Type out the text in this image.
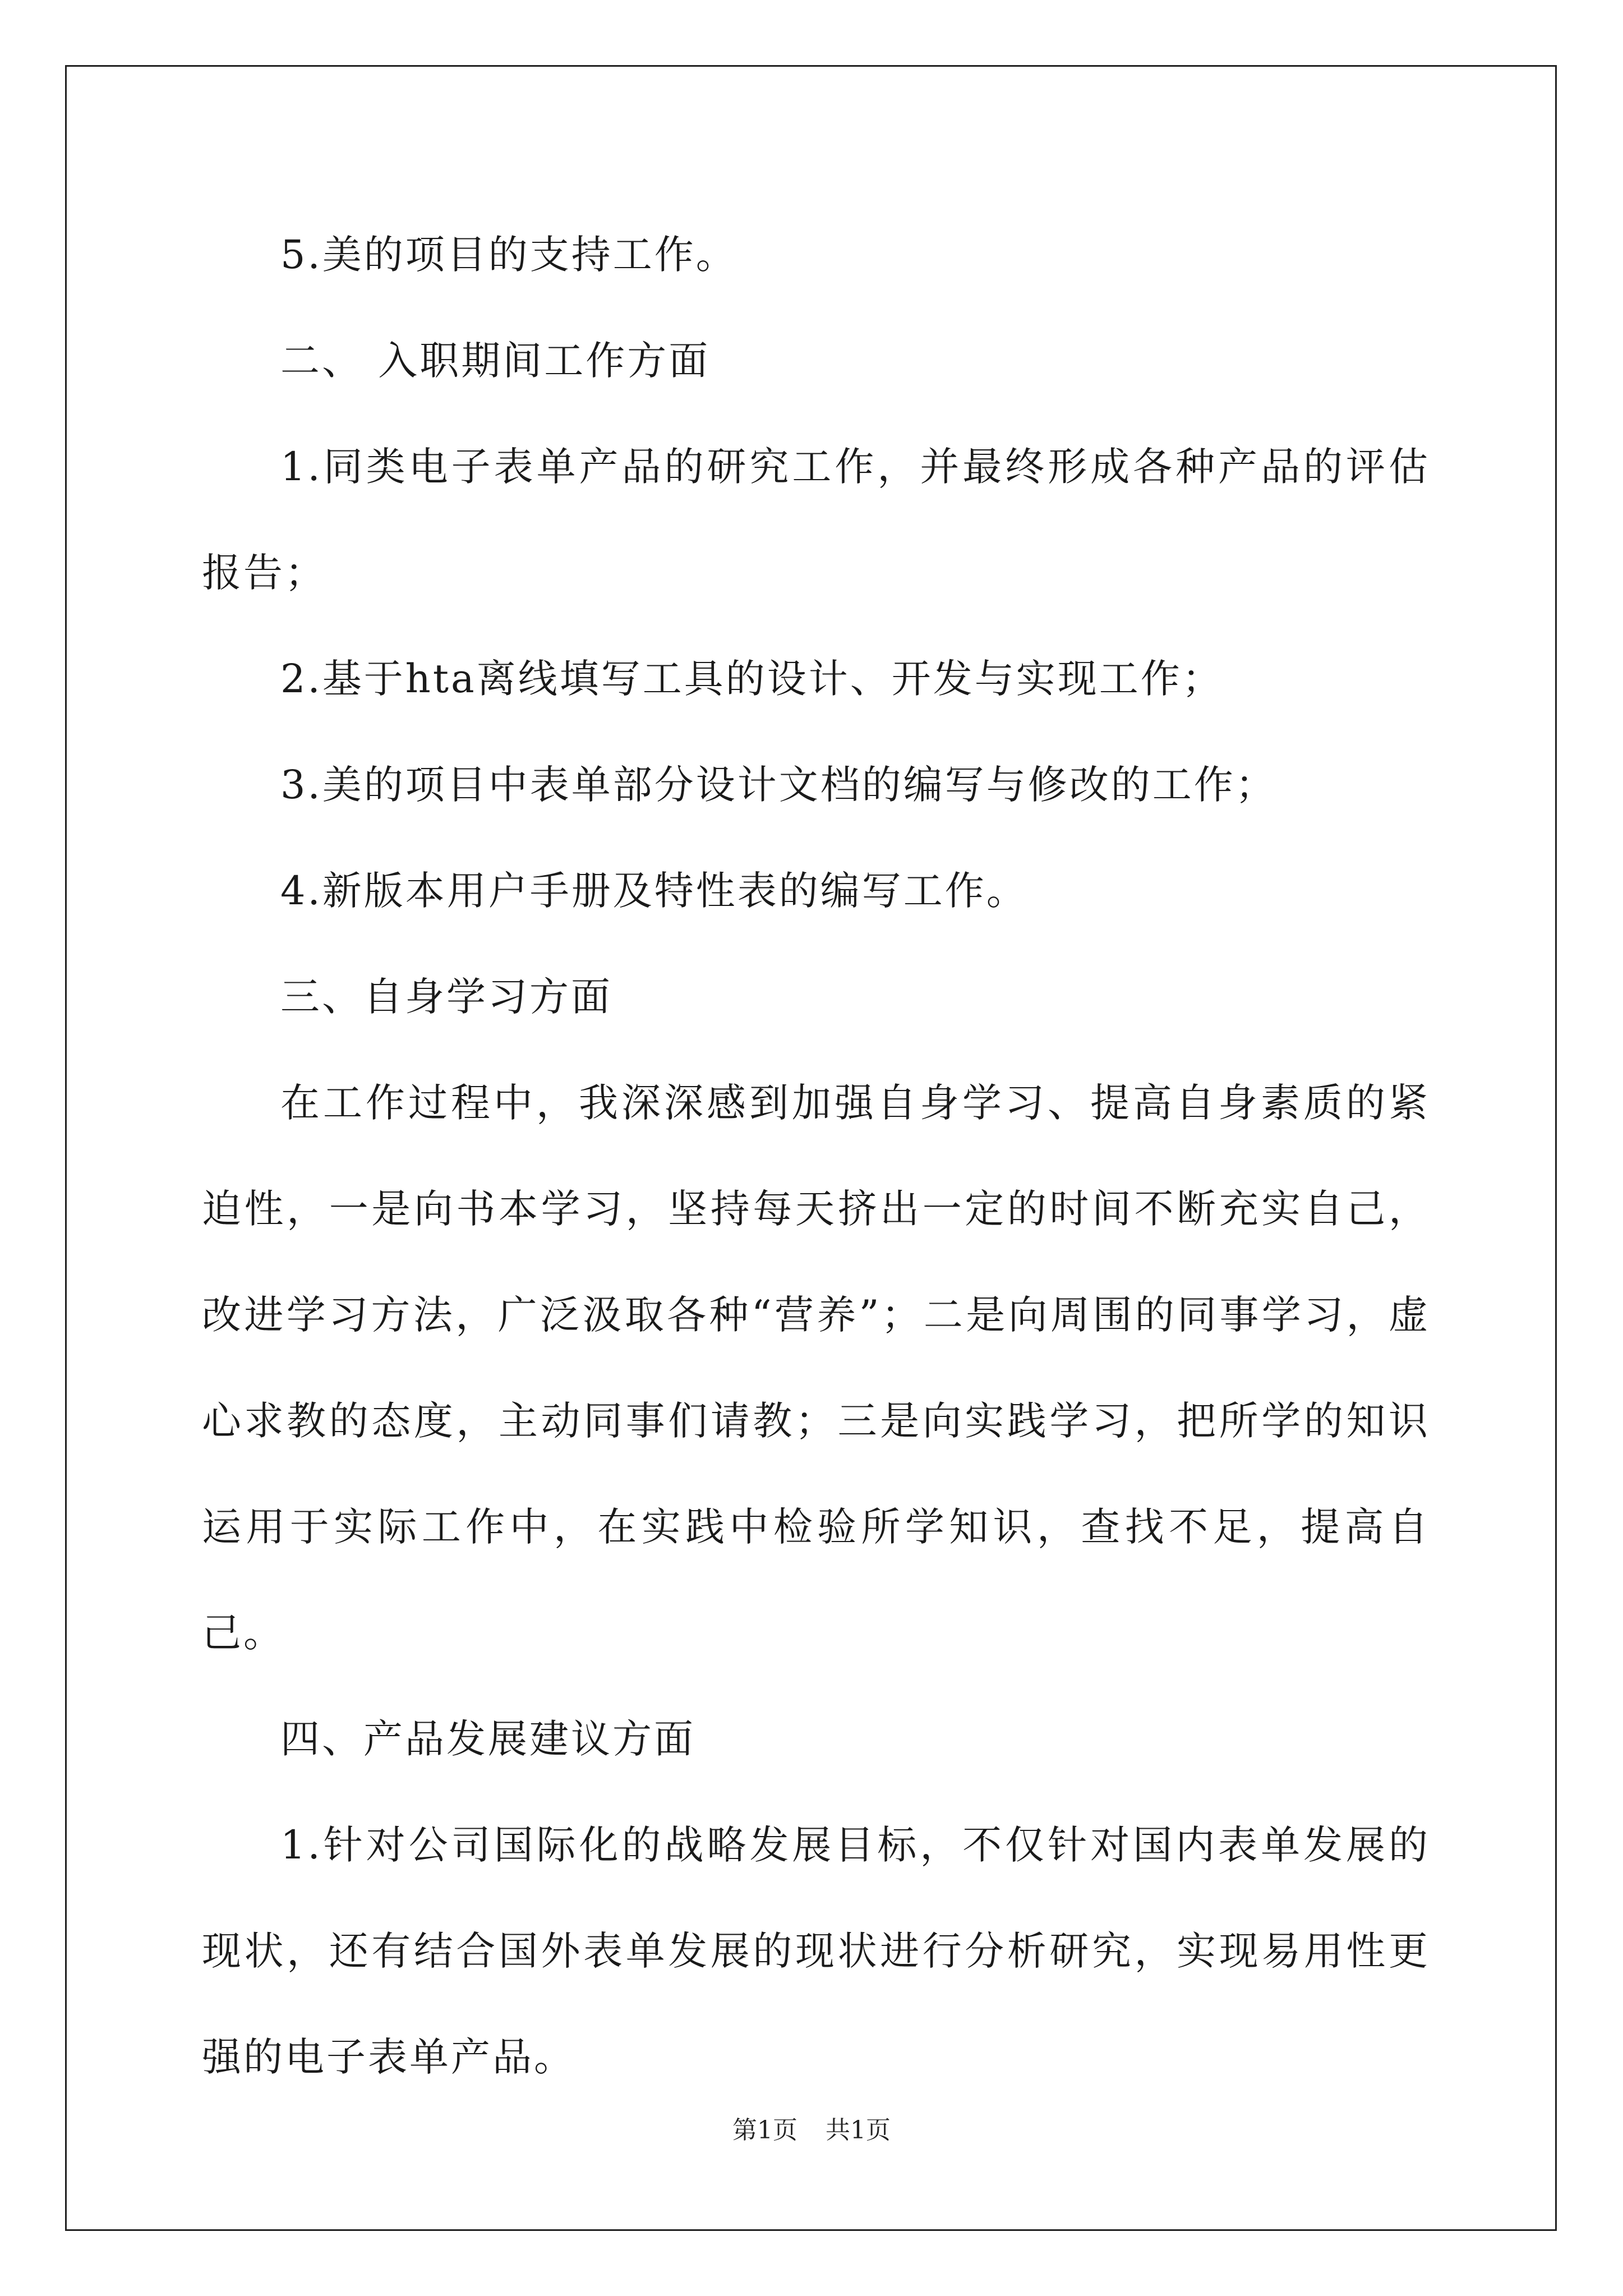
5.美的项目的支持工作。

二、 入职期间工作方面

1.同类电子表单产品的研究工作，并最终形成各种产品的评估报告；

2.基于hta离线填写工具的设计、开发与实现工作；

3.美的项目中表单部分设计文档的编写与修改的工作；

4.新版本用户手册及特性表的编写工作。

三、自身学习方面

在工作过程中，我深深感到加强自身学习、提高自身素质的紧迫性，一是向书本学习，坚持每天挤出一定的时间不断充实自己，改进学习方法，广泛汲取各种“营养”；二是向周围的同事学习，虚心求教的态度，主动同事们请教；三是向实践学习，把所学的知识运用于实际工作中，在实践中检验所学知识，查找不足，提高自己。

四、产品发展建议方面

1.针对公司国际化的战略发展目标，不仅针对国内表单发展的现状，还有结合国外表单发展的现状进行分析研究，实现易用性更强的电子表单产品。

第1页 共1页
